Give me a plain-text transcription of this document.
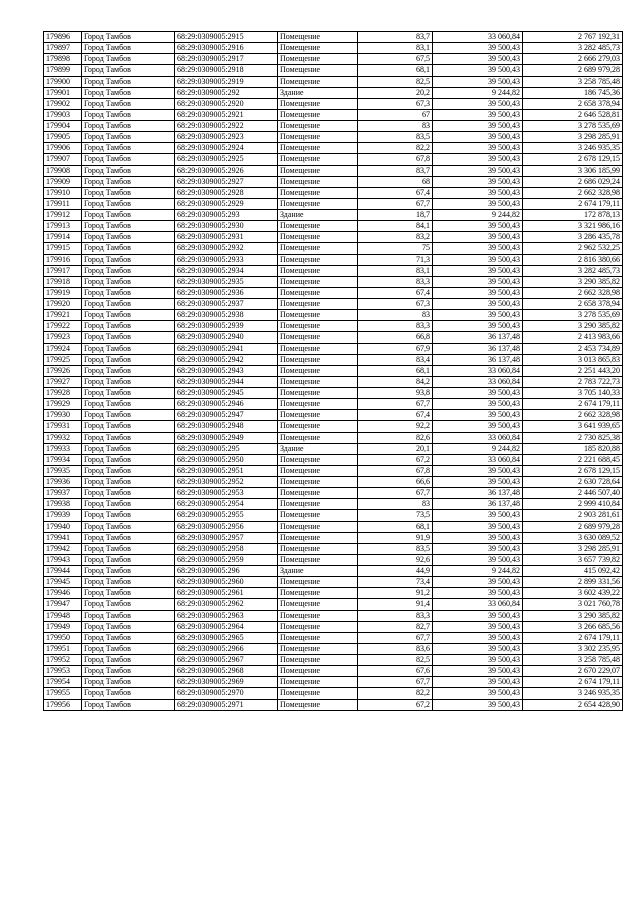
179896	Город Тамбов	68:29:0309005:2915	Помещение	83,7	33 060,84	2 767 192,31
179897	Город Тамбов	68:29:0309005:2916	Помещение	83,1	39 500,43	3 282 485,73
179898	Город Тамбов	68:29:0309005:2917	Помещение	67,5	39 500,43	2 666 279,03
179899	Город Тамбов	68:29:0309005:2918	Помещение	68,1	39 500,43	2 689 979,28
179900	Город Тамбов	68:29:0309005:2919	Помещение	82,5	39 500,43	3 258 785,48
179901	Город Тамбов	68:29:0309005:292	Здание	20,2	9 244,82	186 745,36
179902	Город Тамбов	68:29:0309005:2920	Помещение	67,3	39 500,43	2 658 378,94
179903	Город Тамбов	68:29:0309005:2921	Помещение	67	39 500,43	2 646 528,81
179904	Город Тамбов	68:29:0309005:2922	Помещение	83	39 500,43	3 278 535,69
179905	Город Тамбов	68:29:0309005:2923	Помещение	83,5	39 500,43	3 298 285,91
179906	Город Тамбов	68:29:0309005:2924	Помещение	82,2	39 500,43	3 246 935,35
179907	Город Тамбов	68:29:0309005:2925	Помещение	67,8	39 500,43	2 678 129,15
179908	Город Тамбов	68:29:0309005:2926	Помещение	83,7	39 500,43	3 306 185,99
179909	Город Тамбов	68:29:0309005:2927	Помещение	68	39 500,43	2 686 029,24
179910	Город Тамбов	68:29:0309005:2928	Помещение	67,4	39 500,43	2 662 328,98
179911	Город Тамбов	68:29:0309005:2929	Помещение	67,7	39 500,43	2 674 179,11
179912	Город Тамбов	68:29:0309005:293	Здание	18,7	9 244,82	172 878,13
179913	Город Тамбов	68:29:0309005:2930	Помещение	84,1	39 500,43	3 321 986,16
179914	Город Тамбов	68:29:0309005:2931	Помещение	83,2	39 500,43	3 286 435,78
179915	Город Тамбов	68:29:0309005:2932	Помещение	75	39 500,43	2 962 532,25
179916	Город Тамбов	68:29:0309005:2933	Помещение	71,3	39 500,43	2 816 380,66
179917	Город Тамбов	68:29:0309005:2934	Помещение	83,1	39 500,43	3 282 485,73
179918	Город Тамбов	68:29:0309005:2935	Помещение	83,3	39 500,43	3 290 385,82
179919	Город Тамбов	68:29:0309005:2936	Помещение	67,4	39 500,43	2 662 328,98
179920	Город Тамбов	68:29:0309005:2937	Помещение	67,3	39 500,43	2 658 378,94
179921	Город Тамбов	68:29:0309005:2938	Помещение	83	39 500,43	3 278 535,69
179922	Город Тамбов	68:29:0309005:2939	Помещение	83,3	39 500,43	3 290 385,82
179923	Город Тамбов	68:29:0309005:2940	Помещение	66,8	36 137,48	2 413 983,66
179924	Город Тамбов	68:29:0309005:2941	Помещение	67,9	36 137,48	2 453 734,89
179925	Город Тамбов	68:29:0309005:2942	Помещение	83,4	36 137,48	3 013 865,83
179926	Город Тамбов	68:29:0309005:2943	Помещение	68,1	33 060,84	2 251 443,20
179927	Город Тамбов	68:29:0309005:2944	Помещение	84,2	33 060,84	2 783 722,73
179928	Город Тамбов	68:29:0309005:2945	Помещение	93,8	39 500,43	3 705 140,33
179929	Город Тамбов	68:29:0309005:2946	Помещение	67,7	39 500,43	2 674 179,11
179930	Город Тамбов	68:29:0309005:2947	Помещение	67,4	39 500,43	2 662 328,98
179931	Город Тамбов	68:29:0309005:2948	Помещение	92,2	39 500,43	3 641 939,65
179932	Город Тамбов	68:29:0309005:2949	Помещение	82,6	33 060,84	2 730 825,38
179933	Город Тамбов	68:29:0309005:295	Здание	20,1	9 244,82	185 820,88
179934	Город Тамбов	68:29:0309005:2950	Помещение	67,2	33 060,84	2 221 688,45
179935	Город Тамбов	68:29:0309005:2951	Помещение	67,8	39 500,43	2 678 129,15
179936	Город Тамбов	68:29:0309005:2952	Помещение	66,6	39 500,43	2 630 728,64
179937	Город Тамбов	68:29:0309005:2953	Помещение	67,7	36 137,48	2 446 507,40
179938	Город Тамбов	68:29:0309005:2954	Помещение	83	36 137,48	2 999 410,84
179939	Город Тамбов	68:29:0309005:2955	Помещение	73,5	39 500,43	2 903 281,61
179940	Город Тамбов	68:29:0309005:2956	Помещение	68,1	39 500,43	2 689 979,28
179941	Город Тамбов	68:29:0309005:2957	Помещение	91,9	39 500,43	3 630 089,52
179942	Город Тамбов	68:29:0309005:2958	Помещение	83,5	39 500,43	3 298 285,91
179943	Город Тамбов	68:29:0309005:2959	Помещение	92,6	39 500,43	3 657 739,82
179944	Город Тамбов	68:29:0309005:296	Здание	44,9	9 244,82	415 092,42
179945	Город Тамбов	68:29:0309005:2960	Помещение	73,4	39 500,43	2 899 331,56
179946	Город Тамбов	68:29:0309005:2961	Помещение	91,2	39 500,43	3 602 439,22
179947	Город Тамбов	68:29:0309005:2962	Помещение	91,4	33 060,84	3 021 760,78
179948	Город Тамбов	68:29:0309005:2963	Помещение	83,3	39 500,43	3 290 385,82
179949	Город Тамбов	68:29:0309005:2964	Помещение	82,7	39 500,43	3 266 685,56
179950	Город Тамбов	68:29:0309005:2965	Помещение	67,7	39 500,43	2 674 179,11
179951	Город Тамбов	68:29:0309005:2966	Помещение	83,6	39 500,43	3 302 235,95
179952	Город Тамбов	68:29:0309005:2967	Помещение	82,5	39 500,43	3 258 785,48
179953	Город Тамбов	68:29:0309005:2968	Помещение	67,6	39 500,43	2 670 229,07
179954	Город Тамбов	68:29:0309005:2969	Помещение	67,7	39 500,43	2 674 179,11
179955	Город Тамбов	68:29:0309005:2970	Помещение	82,2	39 500,43	3 246 935,35
179956	Город Тамбов	68:29:0309005:2971	Помещение	67,2	39 500,43	2 654 428,90
